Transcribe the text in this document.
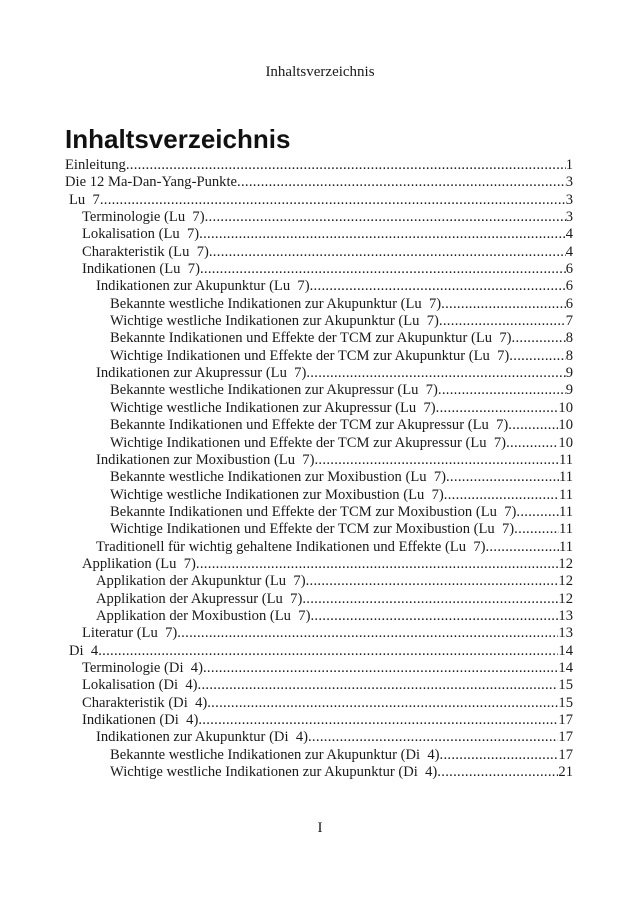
Inhaltsverzeichnis
Inhaltsverzeichnis
Einleitung .....	1
Die 12 Ma-Dan-Yang-Punkte .....	3
Lu  7 .....	3
Terminologie (Lu  7) .....	3
Lokalisation (Lu  7) .....	4
Charakteristik (Lu  7) .....	4
Indikationen (Lu  7) .....	6
Indikationen zur Akupunktur (Lu  7) .....	6
Bekannte westliche Indikationen zur Akupunktur (Lu  7) .....	6
Wichtige westliche Indikationen zur Akupunktur (Lu  7) .....	7
Bekannte Indikationen und Effekte der TCM zur Akupunktur (Lu  7) .....	8
Wichtige Indikationen und Effekte der TCM zur Akupunktur (Lu  7) .....	8
Indikationen zur Akupressur (Lu  7) .....	9
Bekannte westliche Indikationen zur Akupressur (Lu  7) .....	9
Wichtige westliche Indikationen zur Akupressur (Lu  7) .....	10
Bekannte Indikationen und Effekte der TCM zur Akupressur (Lu  7) .....	10
Wichtige Indikationen und Effekte der TCM zur Akupressur (Lu  7) .....	10
Indikationen zur Moxibustion (Lu  7) .....	11
Bekannte westliche Indikationen zur Moxibustion (Lu  7) .....	11
Wichtige westliche Indikationen zur Moxibustion (Lu  7) .....	11
Bekannte Indikationen und Effekte der TCM zur Moxibustion (Lu  7) .....	11
Wichtige Indikationen und Effekte der TCM zur Moxibustion (Lu  7) .....	11
Traditionell für wichtig gehaltene Indikationen und Effekte (Lu  7) .....	11
Applikation (Lu  7) .....	12
Applikation der Akupunktur (Lu  7) .....	12
Applikation der Akupressur (Lu  7) .....	12
Applikation der Moxibustion (Lu  7) .....	13
Literatur (Lu  7) .....	13
Di  4 .....	14
Terminologie (Di  4) .....	14
Lokalisation (Di  4) .....	15
Charakteristik (Di  4) .....	15
Indikationen (Di  4) .....	17
Indikationen zur Akupunktur (Di  4) .....	17
Bekannte westliche Indikationen zur Akupunktur (Di  4) .....	17
Wichtige westliche Indikationen zur Akupunktur (Di  4) .....	21
I
